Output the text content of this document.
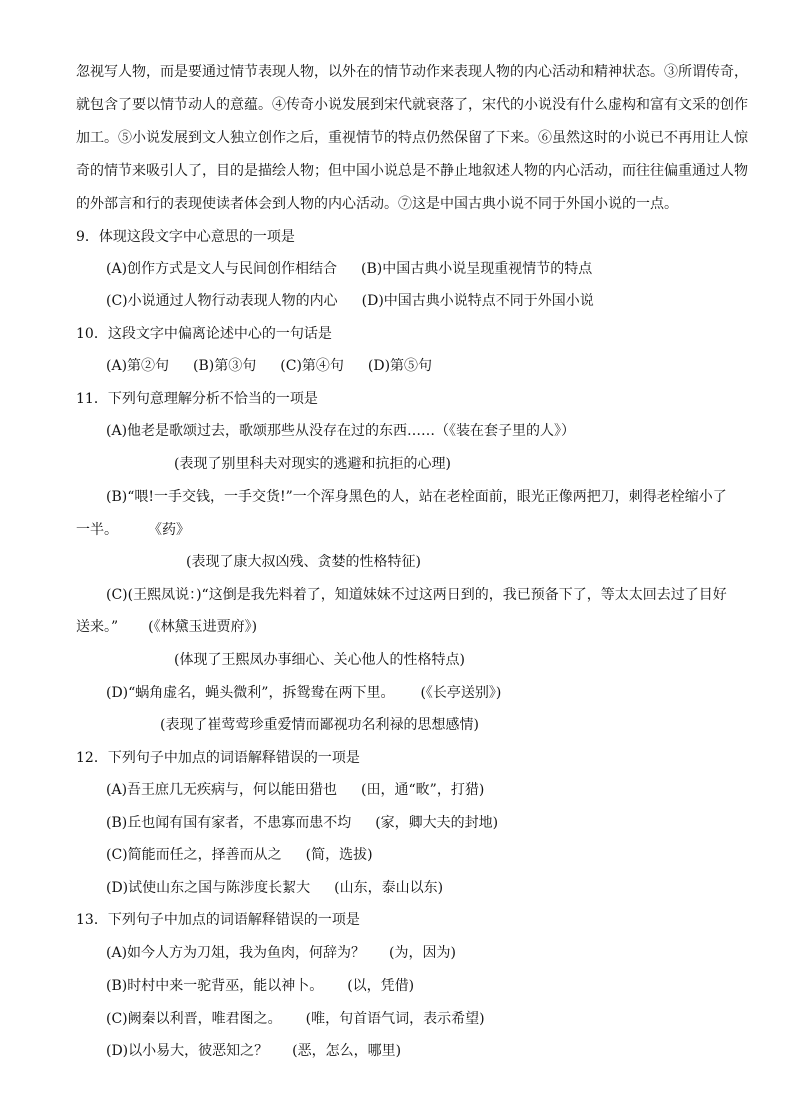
忽视写人物，而是要通过情节表现人物，以外在的情节动作来表现人物的内心活动和精神状态。③所谓传奇，
就包含了要以情节动人的意蕴。④传奇小说发展到宋代就衰落了，宋代的小说没有什么虚构和富有文采的创作
加工。⑤小说发展到文人独立创作之后，重视情节的特点仍然保留了下来。⑥虽然这时的小说已不再用让人惊
奇的情节来吸引人了，目的是描绘人物；但中国小说总是不静止地叙述人物的内心活动，而往往偏重通过人物
的外部言和行的表现使读者体会到人物的内心活动。⑦这是中国古典小说不同于外国小说的一点。
9．体现这段文字中心意思的一项是
(A)创作方式是文人与民间创作相结合 (B)中国古典小说呈现重视情节的特点
(C)小说通过人物行动表现人物的内心 (D)中国古典小说特点不同于外国小说
10．这段文字中偏离论述中心的一句话是
(A)第②句 (B)第③句 (C)第④句 (D)第⑤句
11．下列句意理解分析不恰当的一项是
(A)他老是歌颂过去，歌颂那些从没存在过的东西……（《装在套子里的人》）
(表现了别里科夫对现实的逃避和抗拒的心理)
(B)“喂!一手交钱，一手交货!”一个浑身黑色的人，站在老栓面前，眼光正像两把刀，刺得老栓缩小了
一半。 《药》
(表现了康大叔凶残、贪婪的性格特征)
(C)(王熙凤说：)“这倒是我先料着了，知道妹妹不过这两日到的，我已预备下了，等太太回去过了目好
送来。” (《林黛玉进贾府》)
(体现了王熙凤办事细心、关心他人的性格特点)
(D)“蜗角虚名，蝇头微利”，拆鸳鸯在两下里。 (《长亭送别》)
(表现了崔莺莺珍重爱情而鄙视功名利禄的思想感情)
12．下列句子中加点的词语解释错误的一项是
(A)吾王庶几无疾病与，何以能田猎也 (田，通“畋”，打猎)
(B)丘也闻有国有家者，不患寡而患不均 (家，卿大夫的封地)
(C)简能而任之，择善而从之 (简，选拔)
(D)试使山东之国与陈涉度长絜大 (山东，泰山以东)
13．下列句子中加点的词语解释错误的一项是
(A)如今人方为刀俎，我为鱼肉，何辞为？ (为，因为)
(B)时村中来一驼背巫，能以神卜。 (以，凭借)
(C)阙秦以利晋，唯君图之。 (唯，句首语气词，表示希望)
(D)以小易大，彼恶知之？ (恶，怎么，哪里)
